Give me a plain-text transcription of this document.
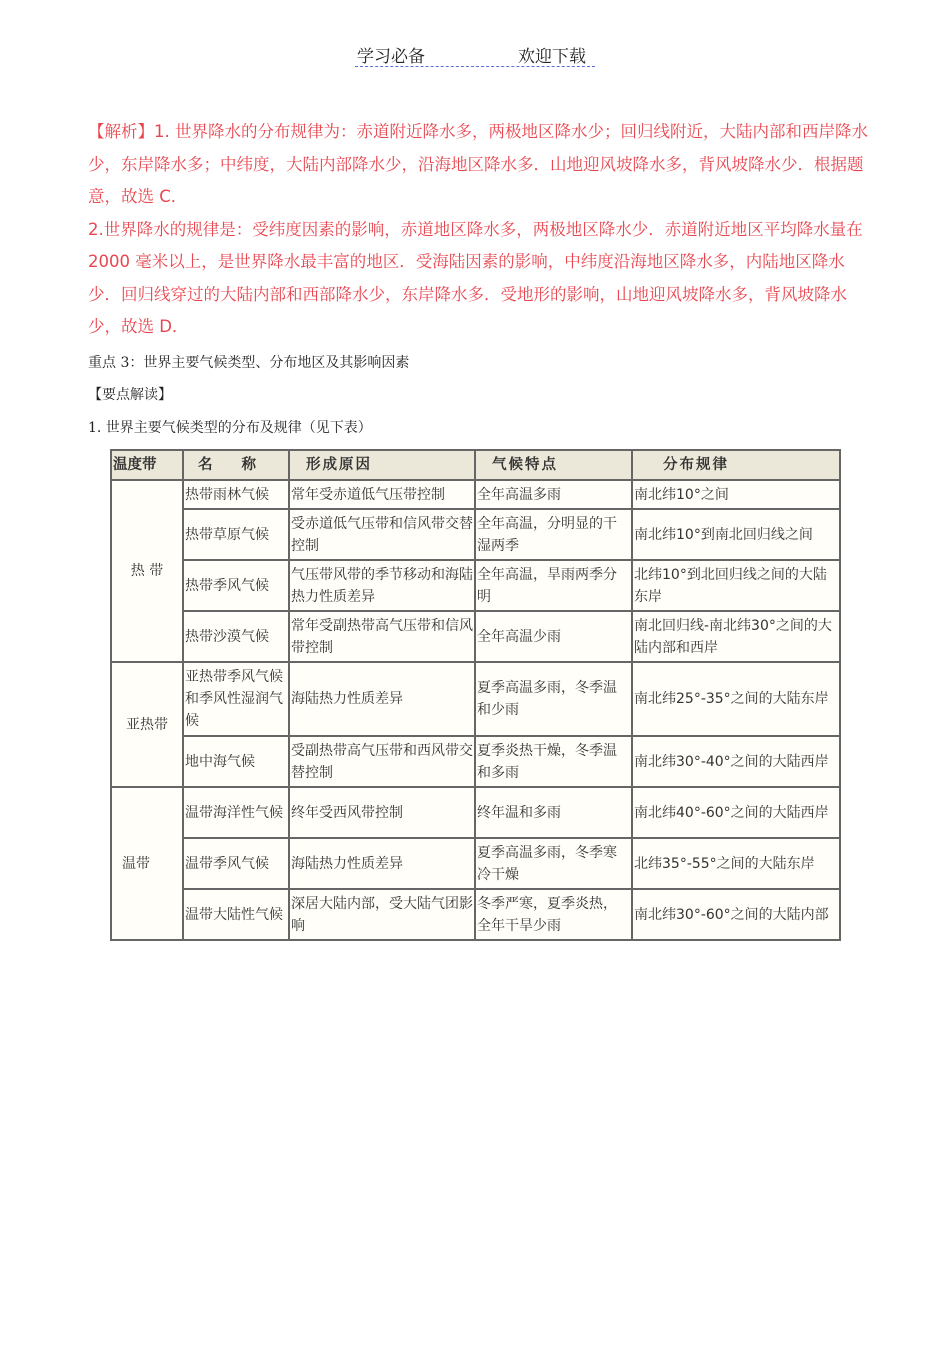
学习必备	欢迎下载

【解析】1. 世界降水的分布规律为：赤道附近降水多，两极地区降水少；回归线附近，大陆内部和西岸降水少，东岸降水多；中纬度，大陆内部降水少，沿海地区降水多．山地迎风坡降水多，背风坡降水少．根据题意，故选 C．

2.世界降水的规律是：受纬度因素的影响，赤道地区降水多，两极地区降水少．赤道附近地区平均降水量在 2000 毫米以上，是世界降水最丰富的地区．受海陆因素的影响，中纬度沿海地区降水多，内陆地区降水少．回归线穿过的大陆内部和西部降水少，东岸降水多．受地形的影响，山地迎风坡降水多，背风坡降水少，故选 D．

重点 3：世界主要气候类型、分布地区及其影响因素
【要点解读】
1. 世界主要气候类型的分布及规律（见下表）
温度带	名 称	形成原因	气候特点	分布规律
热 带	热带雨林气候	常年受赤道低气压带控制	全年高温多雨	南北纬10°之间
	热带草原气候	受赤道低气压带和信风带交替控制	全年高温，分明显的干湿两季	南北纬10°到南北回归线之间
	热带季风气候	气压带风带的季节移动和海陆热力性质差异	全年高温，旱雨两季分明	北纬10°到北回归线之间的大陆东岸
	热带沙漠气候	常年受副热带高气压带和信风带控制	全年高温少雨	南北回归线-南北纬30°之间的大陆内部和西岸
亚热带	亚热带季风气候和季风性湿润气候	海陆热力性质差异	夏季高温多雨，冬季温和少雨	南北纬25°-35°之间的大陆东岸
	地中海气候	受副热带高气压带和西风带交替控制	夏季炎热干燥，冬季温和多雨	南北纬30°-40°之间的大陆西岸
温带	温带海洋性气候	终年受西风带控制	终年温和多雨	南北纬40°-60°之间的大陆西岸
	温带季风气候	海陆热力性质差异	夏季高温多雨，冬季寒冷干燥	北纬35°-55°之间的大陆东岸
	温带大陆性气候	深居大陆内部，受大陆气团影响	冬季严寒，夏季炎热，全年干旱少雨	南北纬30°-60°之间的大陆内部
